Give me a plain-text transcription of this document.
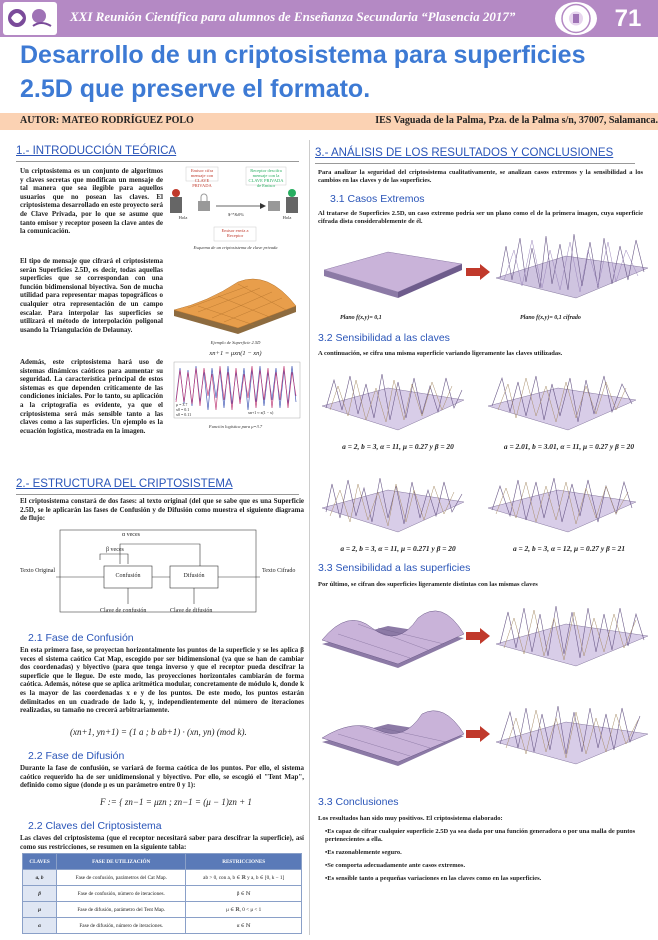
XXI Reunión Científica para alumnos de Enseñanza Secundaria “Plasencia 2017”	71
Desarrollo de un criptosistema para superficies 2.5D que preserve el formato.
AUTOR: MATEO RODRÍGUEZ POLO	IES Vaguada de la Palma, Pza. de la Palma s/n, 37007, Salamanca.
1.- INTRODUCCIÓN TEÓRICA
Un criptosistema es un conjunto de algoritmos y claves secretas que modifican un mensaje de tal manera que sea ilegible para aquellos usuarios que no posean las claves. El criptosistema desarrollado en este proyecto será de Clave Privada, por lo que se asume que tanto emisor y receptor poseen la clave antes de la comunicación.
Emisor cifra mensaje con CLAVE PRIVADA
Receptor descifra mensaje con la CLAVE PRIVADA de Emisor
Hola
$^*&0%
Hola
Emisor envía a Receptor
Esquema de un criptosistema de clave privada
El tipo de mensaje que cifrará el criptosistema serán Superficies 2.5D, es decir, todas aquellas superficies que se correspondan con una función bidimensional biyectiva. Son de mucha utilidad para representar mapas topográficos o cualquier otra representación de un campo escalar. Para interpolar las superficies se utilizará el método de interpolación poligonal usando la Triangulación de Delaunay.
Ejemplo de Superficie 2.5D
Además, este criptosistema hará uso de sistemas dinámicos caóticos para aumentar su seguridad. La característica principal de estos sistemas es que dependen críticamente de las condiciones iniciales. Por lo tanto, su aplicación a la criptografía es evidente, ya que el criptosistema será más sensible tanto a las claves como a las superficies. Un ejemplo es la ecuación logística, mostrada en la imagen.
xn+1 = μxn(1 − xn)
μ = 3.7
x0 = 0.1
x0 = 0.11	xn+1 ≈ x(1 − x)
Función logística para μ=3.7
2.- ESTRUCTURA DEL CRIPTOSISTEMA
El criptosistema constará de dos fases: al texto original (del que se sabe que es una Superficie 2.5D, se le aplicarán las fases de Confusión y de Difusión como muestra el siguiente diagrama de flujo:
α veces
β veces
Texto Original
Confusión	Difusión
Texto Cifrado
Clave de confusión	Clave de difusión
2.1 Fase de Confusión
En esta primera fase, se proyectan horizontalmente los puntos de la superficie y se les aplica β veces el sistema caótico Cat Map, escogido por ser bidimensional (ya que se han de cambiar dos coordenadas) y biyectivo (para que tenga inverso y que el receptor pueda descifrar la superficie que le llegue. De este modo, las proyecciones horizontales cambiarán de forma caótica. Además, nótese que se aplica aritmética modular, concretamente de módulo k, donde k es la mayor de las coordenadas x e y de los puntos. De este modo, los puntos estarán delimitados en un cuadrado de lado k, y, independientemente del número de iteraciones realizadas, su tamaño no crecerá arbitrariamente.
(xn+1, yn+1) = (1 a ; b ab+1) · (xn, yn) (mod k).
2.2 Fase de Difusión
Durante la fase de confusión, se variará de forma caótica de los puntos. Por ello, el sistema caótico requerido ha de ser unidimensional y biyectivo. Por ello, se escogió el "Tent Map", definido como sigue (donde μ es un parámetro entre 0 y 1):
F := { zn−1 = μzn ; zn−1 = (μ − 1)zn + 1
2.2 Claves del Criptosistema
Las claves del criptosistema (que el receptor necesitará saber para descifrar la superficie), así como sus restricciones, se resumen en la siguiente tabla:
CLAVES	FASE DE UTILIZACIÓN	RESTRICCIONES
a, b	Fase de confusión, parámetros del Cat Map.	ab > 0, con a, b ∈ ℝ y a, b ∈ [0, k − 1]
β	Fase de confusión, número de iteraciones.	β ∈ ℕ
μ	Fase de difusión, parámetro del Tent Map.	μ ∈ ℝ, 0 < μ < 1
α	Fase de difusión, número de iteraciones.	α ∈ ℕ
3.- ANÁLISIS DE LOS RESULTADOS Y CONCLUSIONES
Para analizar la seguridad del criptosistema cualitativamente, se analizan casos extremos y la sensibilidad a los cambios en las claves y de las superficies.
3.1 Casos Extremos
Al tratarse de Superficies 2.5D, un caso extremo podría ser un plano como el de la primera imagen, cuya superficie cifrada dista considerablemente de él.
Plano f(x,y)= 0,1	Plano f(x,y)= 0,1 cifrado
3.2 Sensibilidad a las claves
A continuación, se cifra una misma superficie variando ligeramente las claves utilizadas.
a = 2, b = 3, α = 11, μ = 0.27 y β = 20	a = 2.01, b = 3.01, α = 11, μ = 0.27 y β = 20
a = 2, b = 3, α = 11, μ = 0.271 y β = 20	a = 2, b = 3, α = 12, μ = 0.27 y β = 21
3.3 Sensibilidad a las superficies
Por último, se cifran dos superficies ligeramente distintas con las mismas claves
3.3 Conclusiones
Los resultados han sido muy positivos. El criptosistema elaborado:
•Es capaz de cifrar cualquier superficie 2.5D ya sea dada por una función generadora o por una malla de puntos pertenecientes a ella.
•Es razonablemente seguro.
•Se comporta adecuadamente ante casos extremos.
•Es sensible tanto a pequeñas variaciones en las claves como en las superficies.
